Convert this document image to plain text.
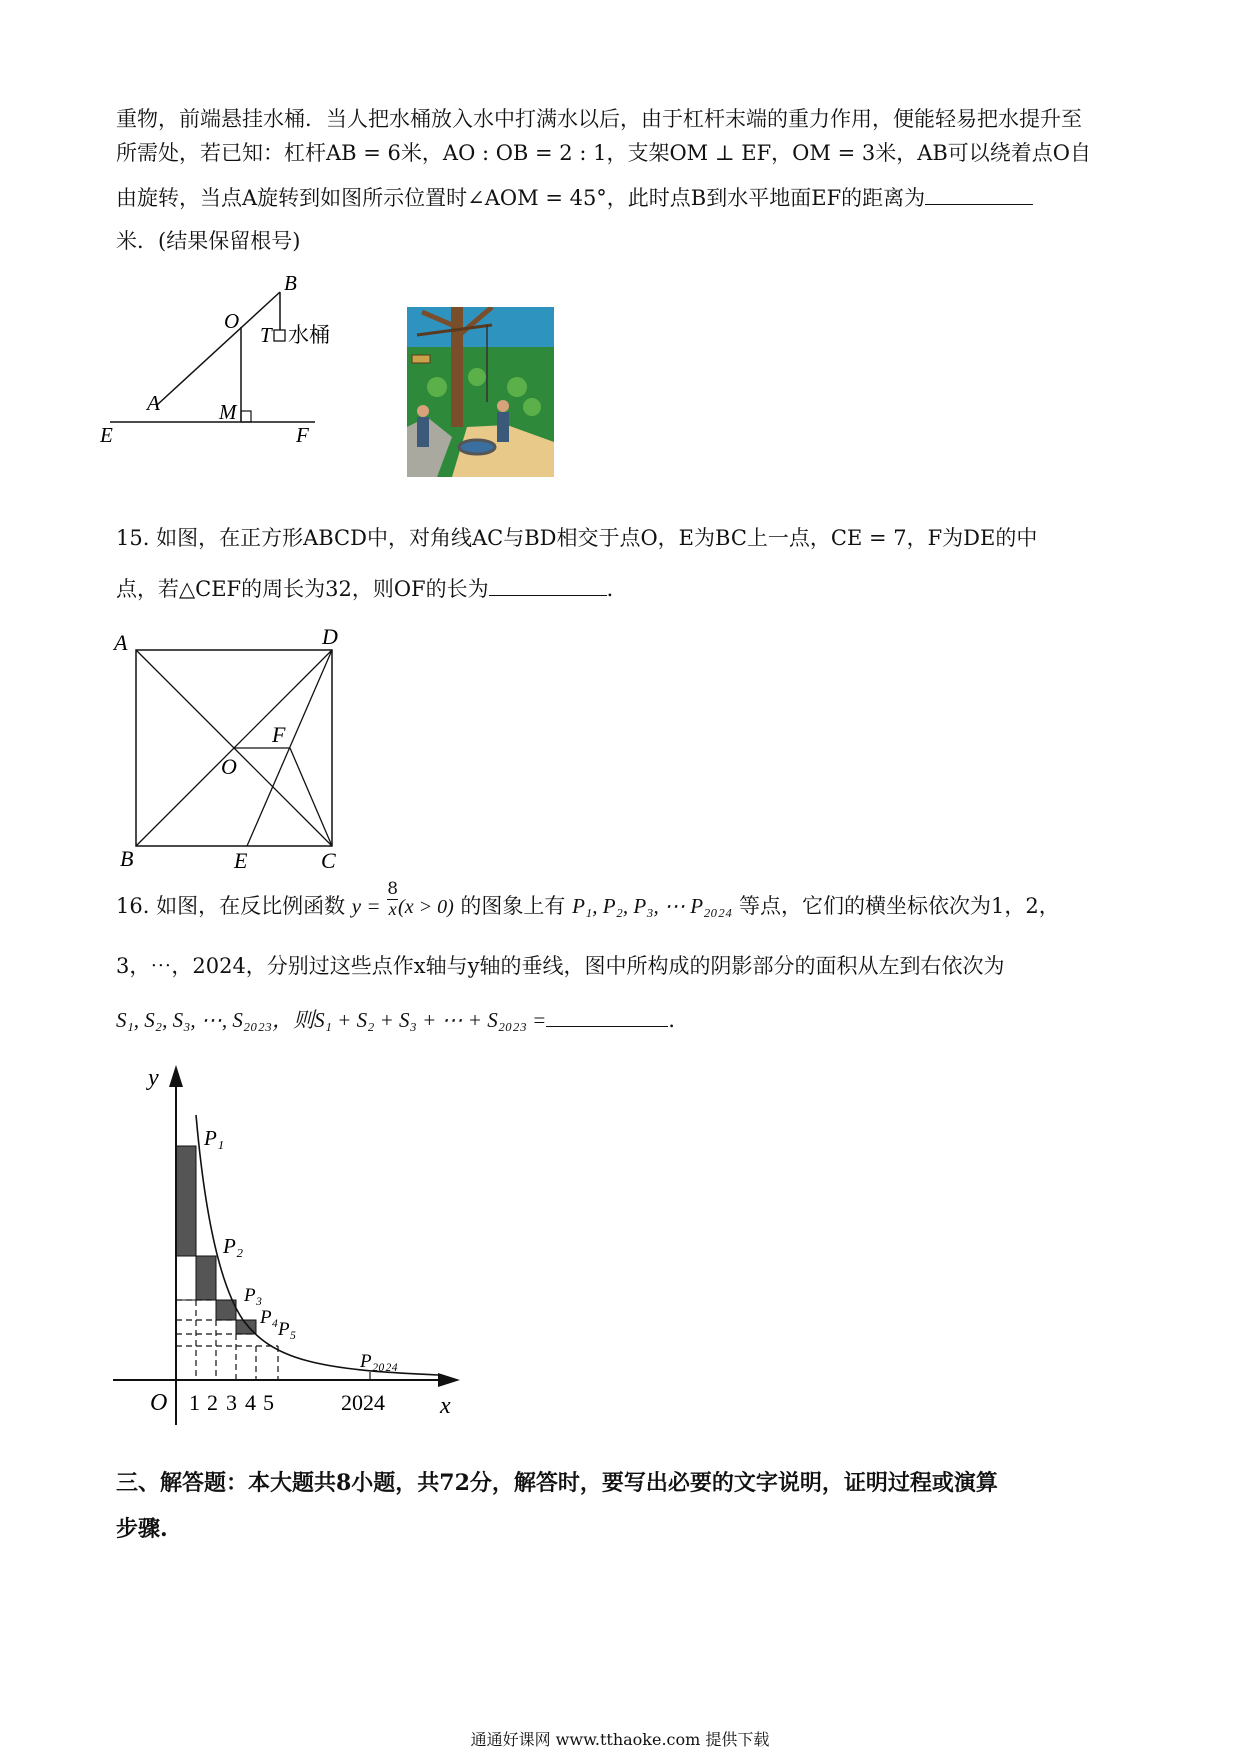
重物，前端悬挂水桶．当人把水桶放入水中打满水以后，由于杠杆末端的重力作用，便能轻易把水提升至
所需处，若已知：杠杆AB = 6米，AO : OB = 2 : 1，支架OM ⊥ EF，OM = 3米，AB可以绕着点O自
由旋转，当点A旋转到如图所示位置时∠AOM = 45°，此时点B到水平地面EF的距离为
米．(结果保留根号)
B
O
T 水桶
A	M
E	F
15. 如图，在正方形ABCD中，对角线AC与BD相交于点O，E为BC上一点，CE = 7，F为DE的中
点，若△CEF的周长为32，则OF的长为	．
A	D
F
O
B	E	C
16. 如图，在反比例函数 $y = \frac{8}{x} (x > 0)$ 的图象上有 P₁, P₂, P₃, ⋯ P₂₀₂₄ 等点，它们的横坐标依次为1，2，
3，⋯，2024，分别过这些点作x轴与y轴的垂线，图中所构成的阴影部分的面积从左到右依次为
S₁, S₂, S₃, ⋯, S₂₀₂₃，则S₁ + S₂ + S₃ + ⋯ + S₂₀₂₃ =	．
y
x
O 1 2 3 4 5	2024
P₁
P₂
P₃
P₄
P₅
P₂₀₂₄
三、解答题：本大题共8小题，共72分，解答时，要写出必要的文字说明，证明过程或演算
步骤.
通通好课网 www.tthaoke.com 提供下载
